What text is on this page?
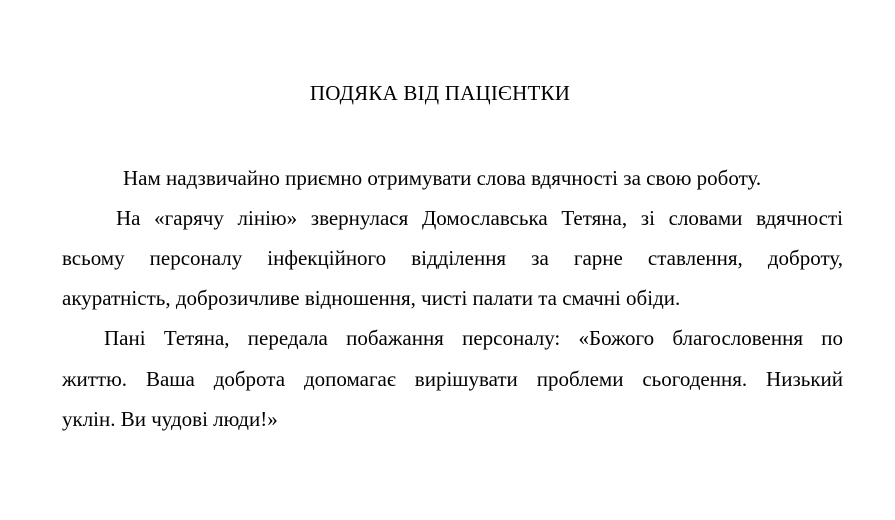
ПОДЯКА ВІД ПАЦІЄНТКИ
Нам надзвичайно приємно отримувати слова вдячності за свою роботу.
На «гарячу лінію» звернулася Домославська Тетяна, зі словами вдячності
всьому персоналу інфекційного відділення за гарне ставлення, доброту,
акуратність, доброзичливе відношення, чисті палати та смачні обіди.
Пані Тетяна, передала побажання персоналу: «Божого благословення по
життю. Ваша доброта допомагає вирішувати проблеми сьогодення. Низький
уклін. Ви чудові люди!»
